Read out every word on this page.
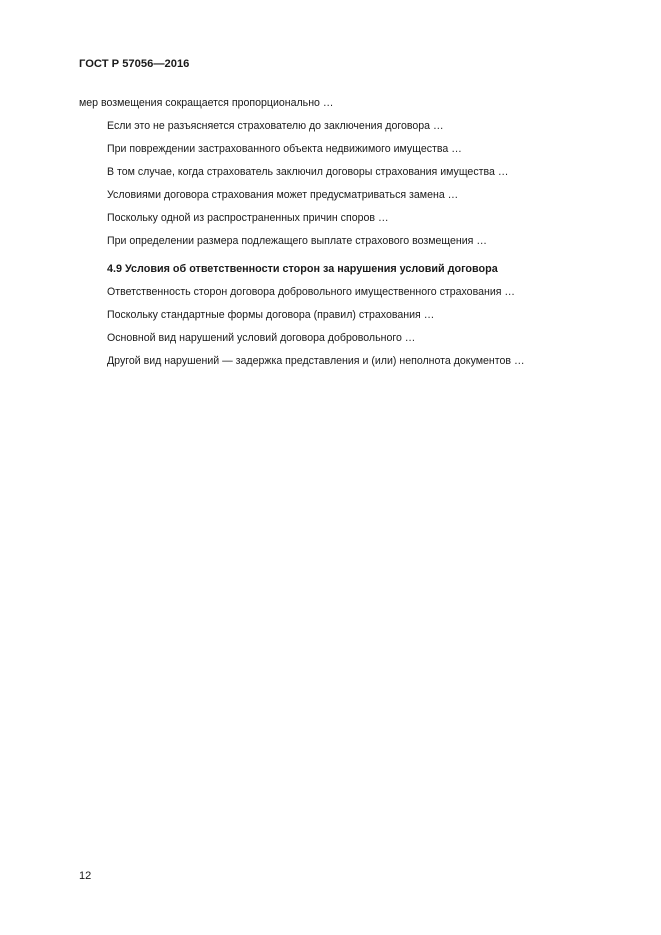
ГОСТ Р 57056—2016

мер возмещения сокращается пропорционально …

Если это не разъясняется страхователю до заключения договора …

При повреждении застрахованного объекта недвижимого имущества …

В том случае, когда страхователь заключил договоры страхования имущества …

Условиями договора страхования может предусматриваться замена …

Поскольку одной из распространенных причин споров …

При определении размера подлежащего выплате страхового возмещения …

4.9 Условия об ответственности сторон за нарушения условий договора

Ответственность сторон договора добровольного имущественного страхования …

Поскольку стандартные формы договора (правил) страхования …

Основной вид нарушений условий договора добровольного …

Другой вид нарушений — задержка представления и (или) неполнота документов …

12
